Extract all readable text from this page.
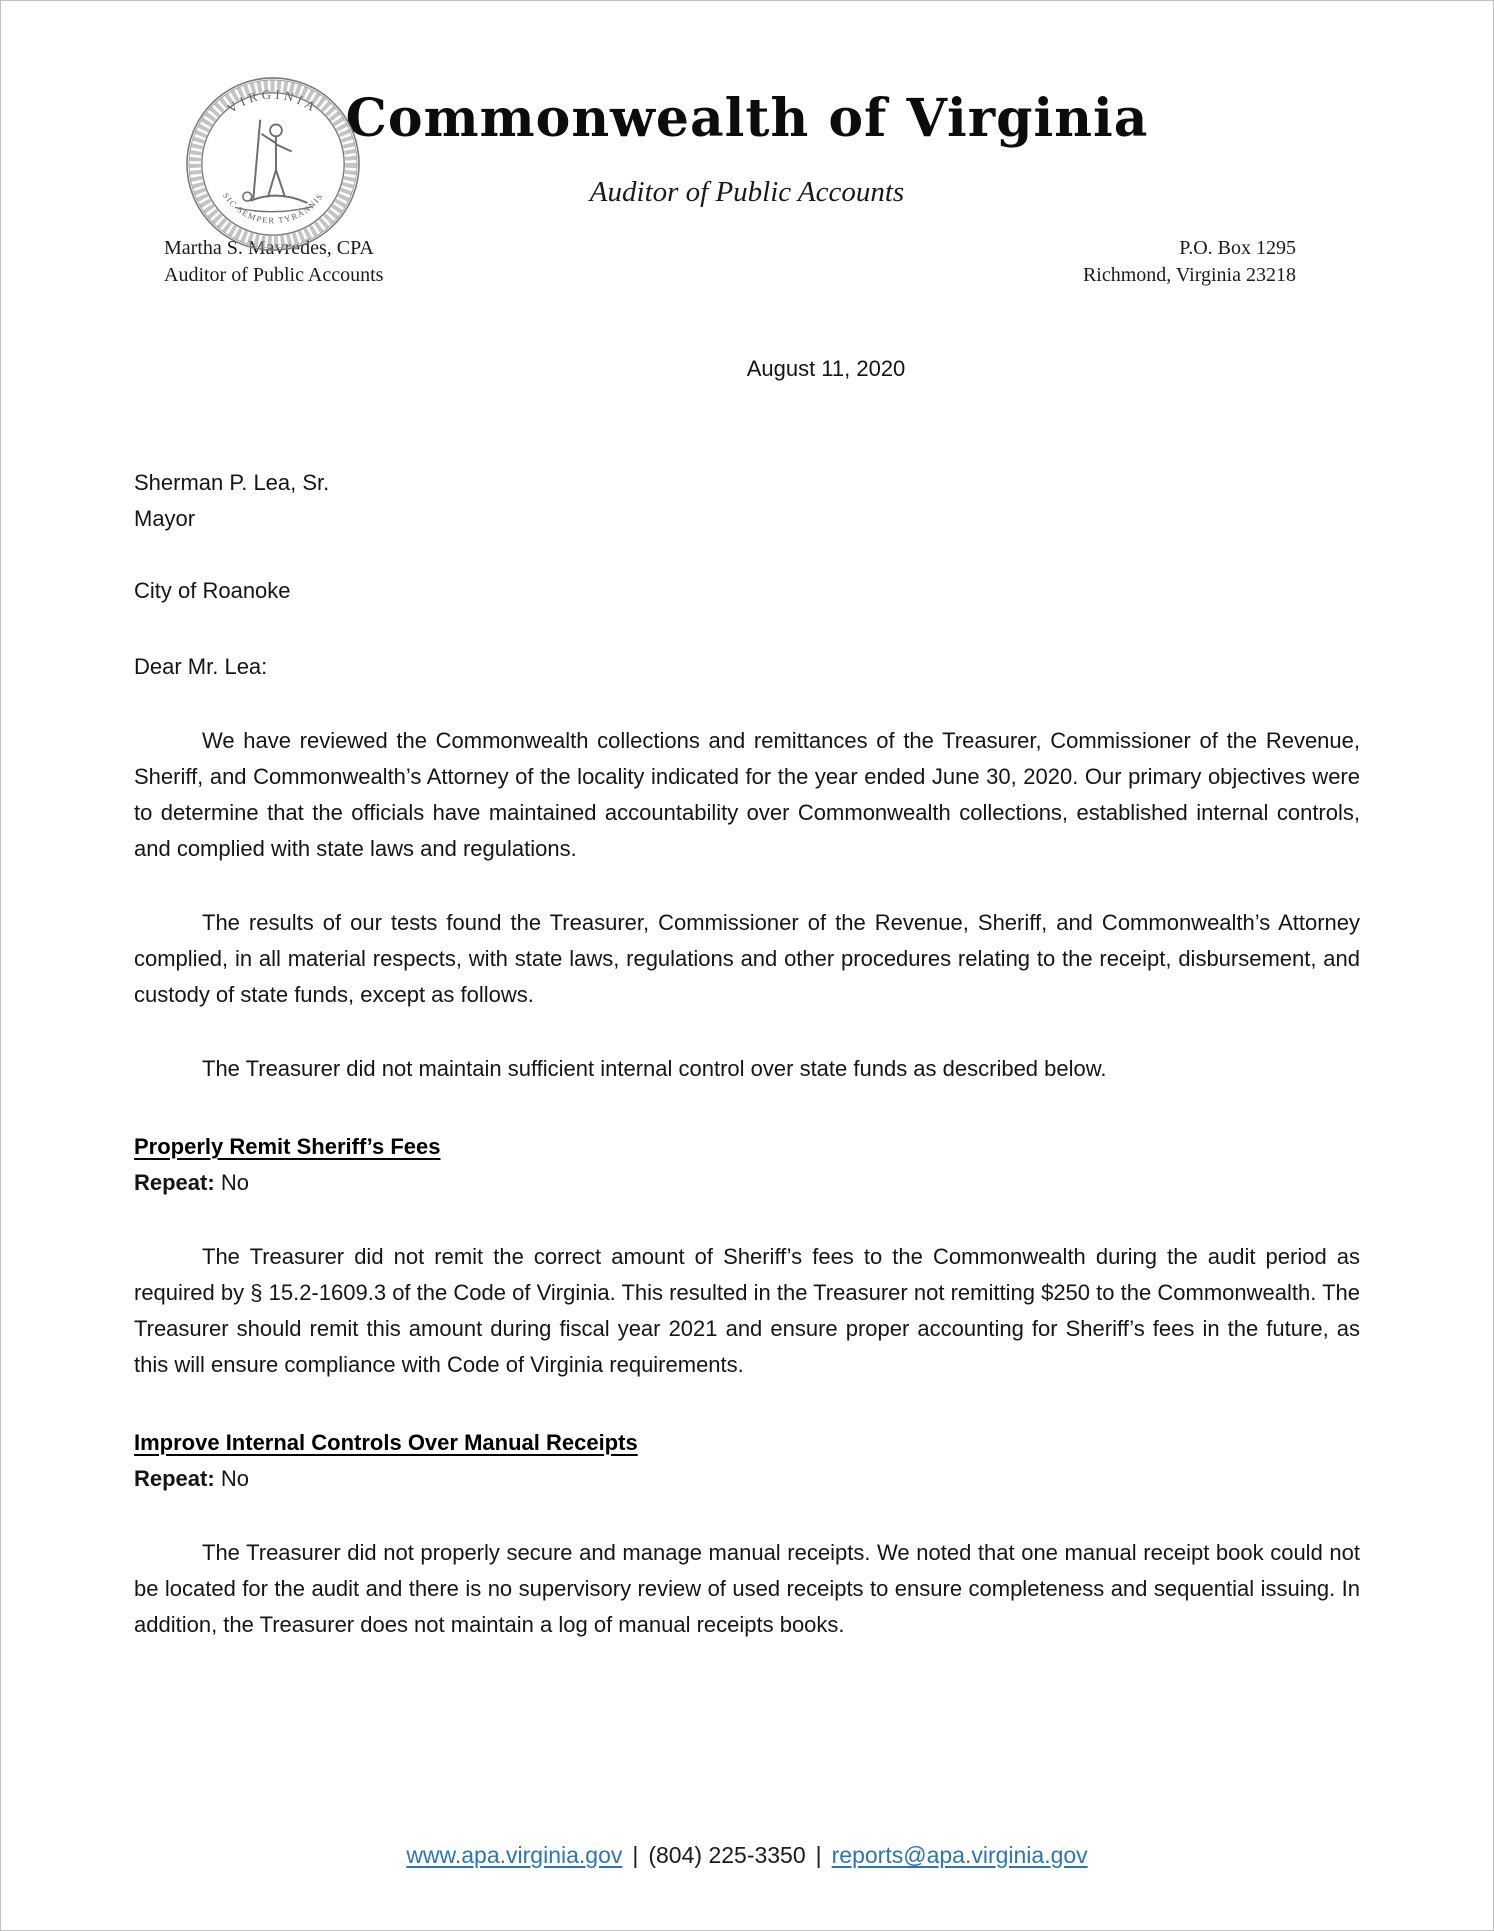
VIRGINIA
SIC SEMPER TYRANNIS
Commonwealth of Virginia
Auditor of Public Accounts
Martha S. Mavredes, CPA
Auditor of Public Accounts
P.O. Box 1295
Richmond, Virginia 23218
August 11, 2020
Sherman P. Lea, Sr.
Mayor
City of Roanoke
Dear Mr. Lea:

We have reviewed the Commonwealth collections and remittances of the Treasurer, Commissioner of the Revenue, Sheriff, and Commonwealth’s Attorney of the locality indicated for the year ended June 30, 2020. Our primary objectives were to determine that the officials have maintained accountability over Commonwealth collections, established internal controls, and complied with state laws and regulations.

The results of our tests found the Treasurer, Commissioner of the Revenue, Sheriff, and Commonwealth’s Attorney complied, in all material respects, with state laws, regulations and other procedures relating to the receipt, disbursement, and custody of state funds, except as follows.

The Treasurer did not maintain sufficient internal control over state funds as described below.

Properly Remit Sheriff’s Fees
Repeat: No

The Treasurer did not remit the correct amount of Sheriff’s fees to the Commonwealth during the audit period as required by § 15.2-1609.3 of the Code of Virginia. This resulted in the Treasurer not remitting $250 to the Commonwealth. The Treasurer should remit this amount during fiscal year 2021 and ensure proper accounting for Sheriff’s fees in the future, as this will ensure compliance with Code of Virginia requirements.

Improve Internal Controls Over Manual Receipts
Repeat: No

The Treasurer did not properly secure and manage manual receipts. We noted that one manual receipt book could not be located for the audit and there is no supervisory review of used receipts to ensure completeness and sequential issuing. In addition, the Treasurer does not maintain a log of manual receipts books.

www.apa.virginia.gov | (804) 225-3350 | reports@apa.virginia.gov
